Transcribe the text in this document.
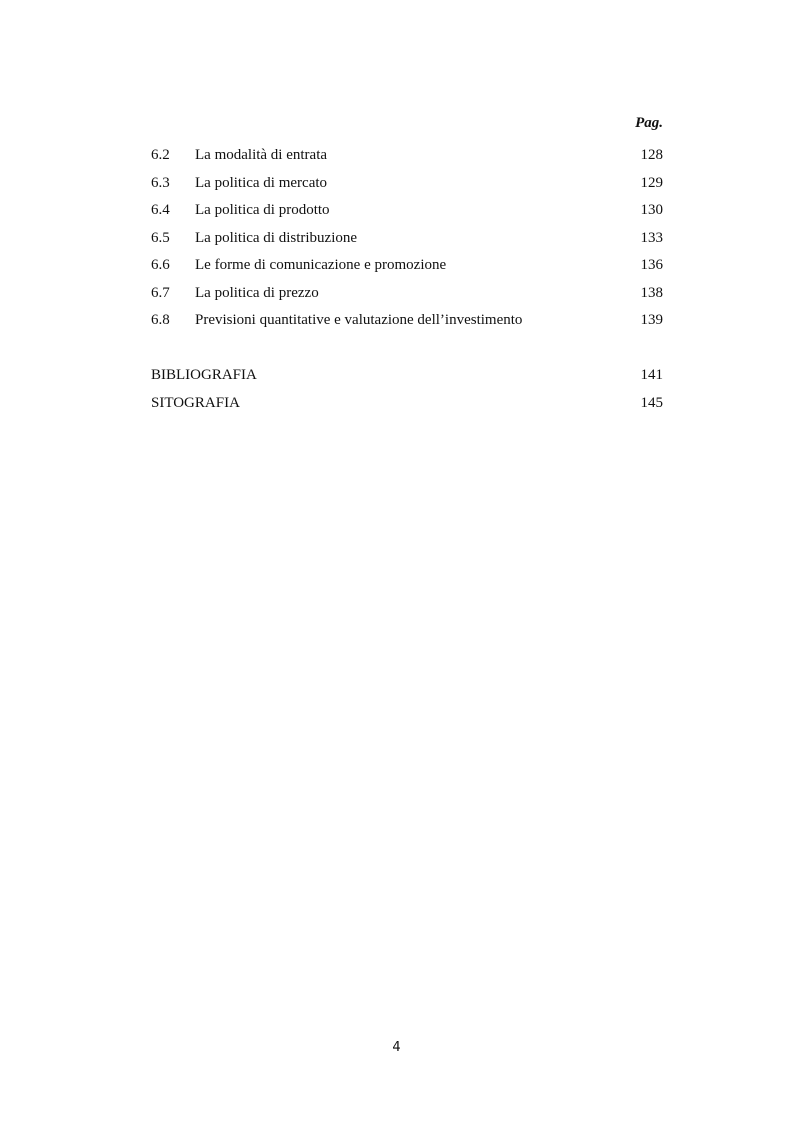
Pag.
6.2 La modalità di entrata	128
6.3 La politica di mercato	129
6.4 La politica di prodotto	130
6.5 La politica di distribuzione	133
6.6 Le forme di comunicazione e promozione	136
6.7 La politica di prezzo	138
6.8 Previsioni quantitative e valutazione dell’investimento	139
BIBLIOGRAFIA	141
SITOGRAFIA	145
4
